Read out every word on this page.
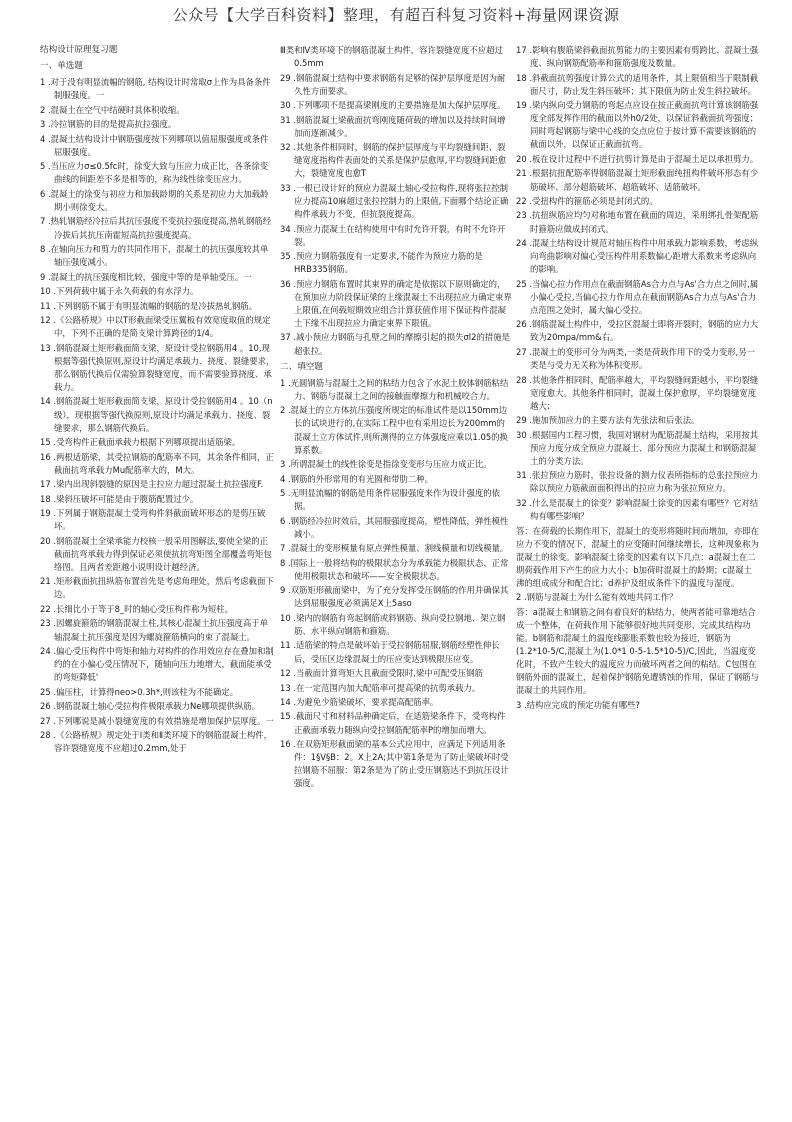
公众号【大学百科资料】整理，有超百科复习资料+海量网课资源
结构设计原理复习题
一、单选题
1 .对于没有明显流幅的钢筋, 结构设计时常取σ上作为具备条件制服强度。一
2 .混凝土在空气中结硬时其体积收缩。
3 .冷拉钢筋的目的是提高抗拉强度。
4 .混凝土结构设计中钢筋强度按下列哪项以值屈服强度或条件屈服强度。
5 .当压应力σ≤0.5fc时，徐变大致与压应力成正比，各条徐变曲线的间距差不多是相等的，称为线性徐变压应力。
6 .混凝土的徐变与初应力和加载龄期的关系是初应力大加载龄期小则徐变大。
7 .热轧钢筋经冷拉后其抗压强度不变抗拉强度提高,热轧钢筋经冷拔后其抗压南霍短高抗拉强度提高。
8 .在轴向压力和剪力的共同作用下，混凝土的抗压强度较其单轴压强度减小。
9 .混凝土的抗压强度相比较，强度中等的是单轴受压。一
10 .下列荷载中属于永久荷载的有水浮力。
11 .下列钢筋不属于有明显流幅的钢筋的是冷拔热轧钢筋。
12 .《公路桥规》中以T形截面梁受压翼板有效宽度取值的规定中，下列不正确的是简支梁计算跨径的1/4。
13 .钢筋混凝土矩形截面简支梁，原设计受拉钢筋用4 。10,现根据等强代换原则,原设计均满足承载力、挠度、裂缝要求，那么钢筋代换后仅需验算裂缝宽度，而不需要验算挠度、承载力。
14 .钢筋混凝土矩形截面简支梁，原设计受拉钢筋用4 。10（n级），现根据等强代换原则,原设计均满足承载力、挠度、裂缝要求，那么钢筋代换后。
15 .受弯构件正截面承载力根据下列哪项提出适筋梁。
16 .两根适筋梁，其受拉钢筋的配筋率不同，其余条件相同，正截面抗弯承载力Mu配筋率大的，M大。
17 .梁内出现斜裂缝的原因是主拉应力超过混凝土抗拉强度F.
18 .梁斜压破坏可能是由于腹筋配置过少。
19 .下列属于钢筋混凝土受弯构件斜截面破坏形态的是剪压破坏。
20 .钢筋混凝土全梁承能力校核一般采用图解法,要使全梁的正截面抗弯承载力得到保证必须使抗抗弯矩图全部覆盖弯矩包络图。且两者差距越小说明设计越经济。
21 .矩形截面抗扭纵筋布置首先是考虑角理处，然后考虑截面下边。
22 .长细比小于等于8_时的轴心受压构件称为短柱。
23 .因螺旋箍筋的钢筋混凝土柱,其核心混凝土抗压强度高于单轴混凝土抗压强度是因为螺旋箍筋横向的束了混凝土。
24 .偏心受压构件中弯矩和轴力对构件的作用效应存在叠加和制约的在小偏心受压情况下，随轴向压力地增大，截面能承受的弯矩降低'
25 .偏压柱，计算得neo>0.3h*,则该柱为不能确定。
26 .钢筋混凝土轴心受拉构件极限承载力Ne哪项提供纵筋。
27 .下列哪说是减小裂缝宽度的有效措施是增加保护层厚度。一
28 .《公路桥规》规定处于Ⅰ类和Ⅱ类环境下的钢筋混凝土构件，容许裂缝宽度不应超过0.2mm,处于
Ⅲ类和Ⅳ类环境下的钢筋混凝土构件，容许裂缝宽度不应超过0.5mm
29 .钢筋混凝土结构中要求钢筋有足够的保护层厚度是因为耐久性方面要求。
30 .下列哪项不是提高梁刚度的主要措施是加大保护层厚度。
31 .钢筋混凝土梁截面抗弯刚度随荷载的增加以及持续时间增加而逐渐减少。
32 .其他条件相同时，钢筋的保护层厚度与平均裂缝间距、裂缝宽度指构件表面处的关系是保护层愈厚,平均裂缝间距愈大，裂缝宽度也愈T
33 .一根已设计好的预应力混凝土轴心受拉构件,现将张拉控制应力提高10麻超过张拉控制力的上限值,下面哪个结论正确构件承载力不变，但抗裂度提高。
34 .预应力混凝土在结构使用中有时允许开裂，有时不允许开裂。
35 .预应力钢筋强度有一定要求,不能作为预应力筋的是HRB335钢筋。
36 .预应力钢筋布置时其束界的确定是依据以下原则确定的，在预加应力阶段保证梁的上缘混凝土不出现拉应力确定束界上限值,在何载短期效应组合计算获值作用下保证构件混凝土下缘不出现拉应力确定束界下限值。
37 .减小预应力钢筋与孔壁之间的摩擦引起的损失σl2的措施是超张拉。
二、填空题
1 .光圆钢筋与混凝土之间的粘结力包含了水泥土胶体钢筋粘结力、钢筋与混凝土之间的接触面摩擦力和机械咬合力。
2 .混凝土的立方体抗压强度所规定的标准试件是以150mm边长的试块进行的,在实际工程中也有采用边长为200mm的混凝土立方体试件,则所测得的立方体强度应乘以1.05的换算系数。
3 .所谓混凝土的线性徐变是指徐变变形与压应力成正比。
4 .钢筋的外形常用的有光圆和带肋二种。
5 .无明显流幅的钢筋是用条件屈服强度来作为设计强度的依据。
6 .钢筋经冷拉时效后，其屈服强度提高，塑性降低，弹性模性减小。
7 .混凝土的变形模量有原点弹性模量、割线模量和切线模量。
8 .国际上一般将结构的极限状态分为承载能力极限状态、正常使用极限状态和破坏——安全极限状态。
9 .双筋矩形截面梁中，为了充分发挥受压钢筋的作用并确保其达到屈服强度必须满足X上5aso
10 .梁内的钢筋有弯起钢筋或斜钢筋、纵向受拉钢地、架立钢筋、水平纵向钢筋和箍筋。
11 .适筋梁的特点是破坏始于受拉钢筋屈服,钢筋经塑性伸长后，受压区边缘混凝土的压应变达到极限压应变。
12 .当截面计算弯矩大且截面受限时,梁中可配受压钢筋
13 .在一定范围内加大配筋率可提高梁的抗剪承载力。
14 .为避免少筋梁破坏，要求提高配筋率。
15 .截面尺寸和材料品种确定后，在适筋梁条件下，受弯构件正截面承载力随纵向受拉钢筋配筋率P的增加而增大。
16 .在双筋矩形截面梁的基本公式应用中，应满足下列适用条件：1§V§B：2。X上2A;其中第1条是为了防止梁破坏时受拉钢筋不屈服：第2条是为了防止受压钢筋达不到抗压设计强度。
17 .影响有腹筋梁斜截面抗剪能力的主要因素有剪跨比、混凝土强度、纵向钢筋配筋率和箍筋强度及数量。
18 .斜截面抗剪强度计算公式的适用条件，其上限值相当于限制截面尺寸，防止发生斜压破坏；其下限值为防止发生斜拉破坏。
19 .梁内纵向受力钢筋的弯起点应设在按正截面抗弯计算该钢筋强度全部发挥作用的截面以外h0/2处，以保证斜截面抗弯强度；同时弯起钢筋与梁中心线的交点应位于按计算不需要该钢筋的截面以外，以保证正截面抗弯。
20 .板在设计过程中不进行抗剪计算是由于混凝土足以承担剪力。
21 .根据抗扭配筋率得钢筋混凝土矩形截面纯扭构件破坏形态有少筋破坏、部分超筋破坏、超筋破坏、适筋破坏。
22 .受扭构件的箍筋必须是封闭式的。
23 .抗扭纵筋应均匀对称地布置在截面的周边，采用绑扎骨架配筋时箍筋应做成封闭式。
24 .混凝土结构设计规范对轴压构件中用承载力影响系数，考虑纵向弯曲影响对偏心受压构件用系数偏心距增大系数来考虑纵向的影响。
25 .当偏心拉力作用点在截面钢筋As合力点与As'合力点之间时,属小偏心受拉,当偏心拉力作用点在截面钢筋As合力点与As'合力点范围之处时，属大偏心受拉。
26 .钢筋混凝土构件中，受拉区混凝土即将开裂时，钢筋的应力大致为20mpa/mm&右。
27 .混凝土的变形可分为两类,一类是荷载作用下的受力变形,另一类是与受力无关称为体积变形。
28 .其他条件相同时，配筋率越大，平均裂缝间距越小，平均裂缝宽度愈大。其他条件相同时，混凝土保护愈厚，平均裂缝宽度越大；
29 .施加预加应力的主要方法有先张法和后张法。
30 .根据国内工程习惯，我国对钢材为配筋混凝土结构，采用按其预应力度分成全预应力混凝土、部分预应力混凝土和钢筋混凝土的分类方法。
31 .张拉预应力筋时，张拉设备的测力仪表所指标的总张拉预应力除以预应力筋截面面积得出的拉应力称为张拉预应力。
32 .什么是混凝土的徐变？影响混凝土徐变的因素有哪些？它对结构有哪些影响？
答：在荷载的长期作用下，混凝土的变形将随时间而增加，亦即在应力不变的情况下，混凝土的应变随时间继续增长，这种现象称为混凝土的徐变。影响混凝土徐变的因素有以下几点：a混凝土在二期荷载作用下产生的应力大小；b加荷时混凝土的龄期；c混凝土沸的组成成分和配合比；d养护及组成条件下的温度与湿度。
2 .钢筋与混凝土为什么能有效地共同工作？
答：a混凝土和钢筋之间有着良好的粘结力，使两者能可靠地结合成一个整体，在荷载作用下能够很好地共同变形，完成其结构功能。b钢筋和混凝土的温度线膨胀系数也较为接近，钢筋为(1.2*10-5/C,混凝土为(1.0*1 0-5-1.5*10-5)/C,因此，当温度变化时，不致产生较大的温度应力而破坏两者之间的粘结。C包围在钢筋外面的混凝土，起着保护钢筋免遭锈蚀的作用，保证了钢筋与混凝土的共同作用。
3 .结构应完成的预定功能有哪些?
